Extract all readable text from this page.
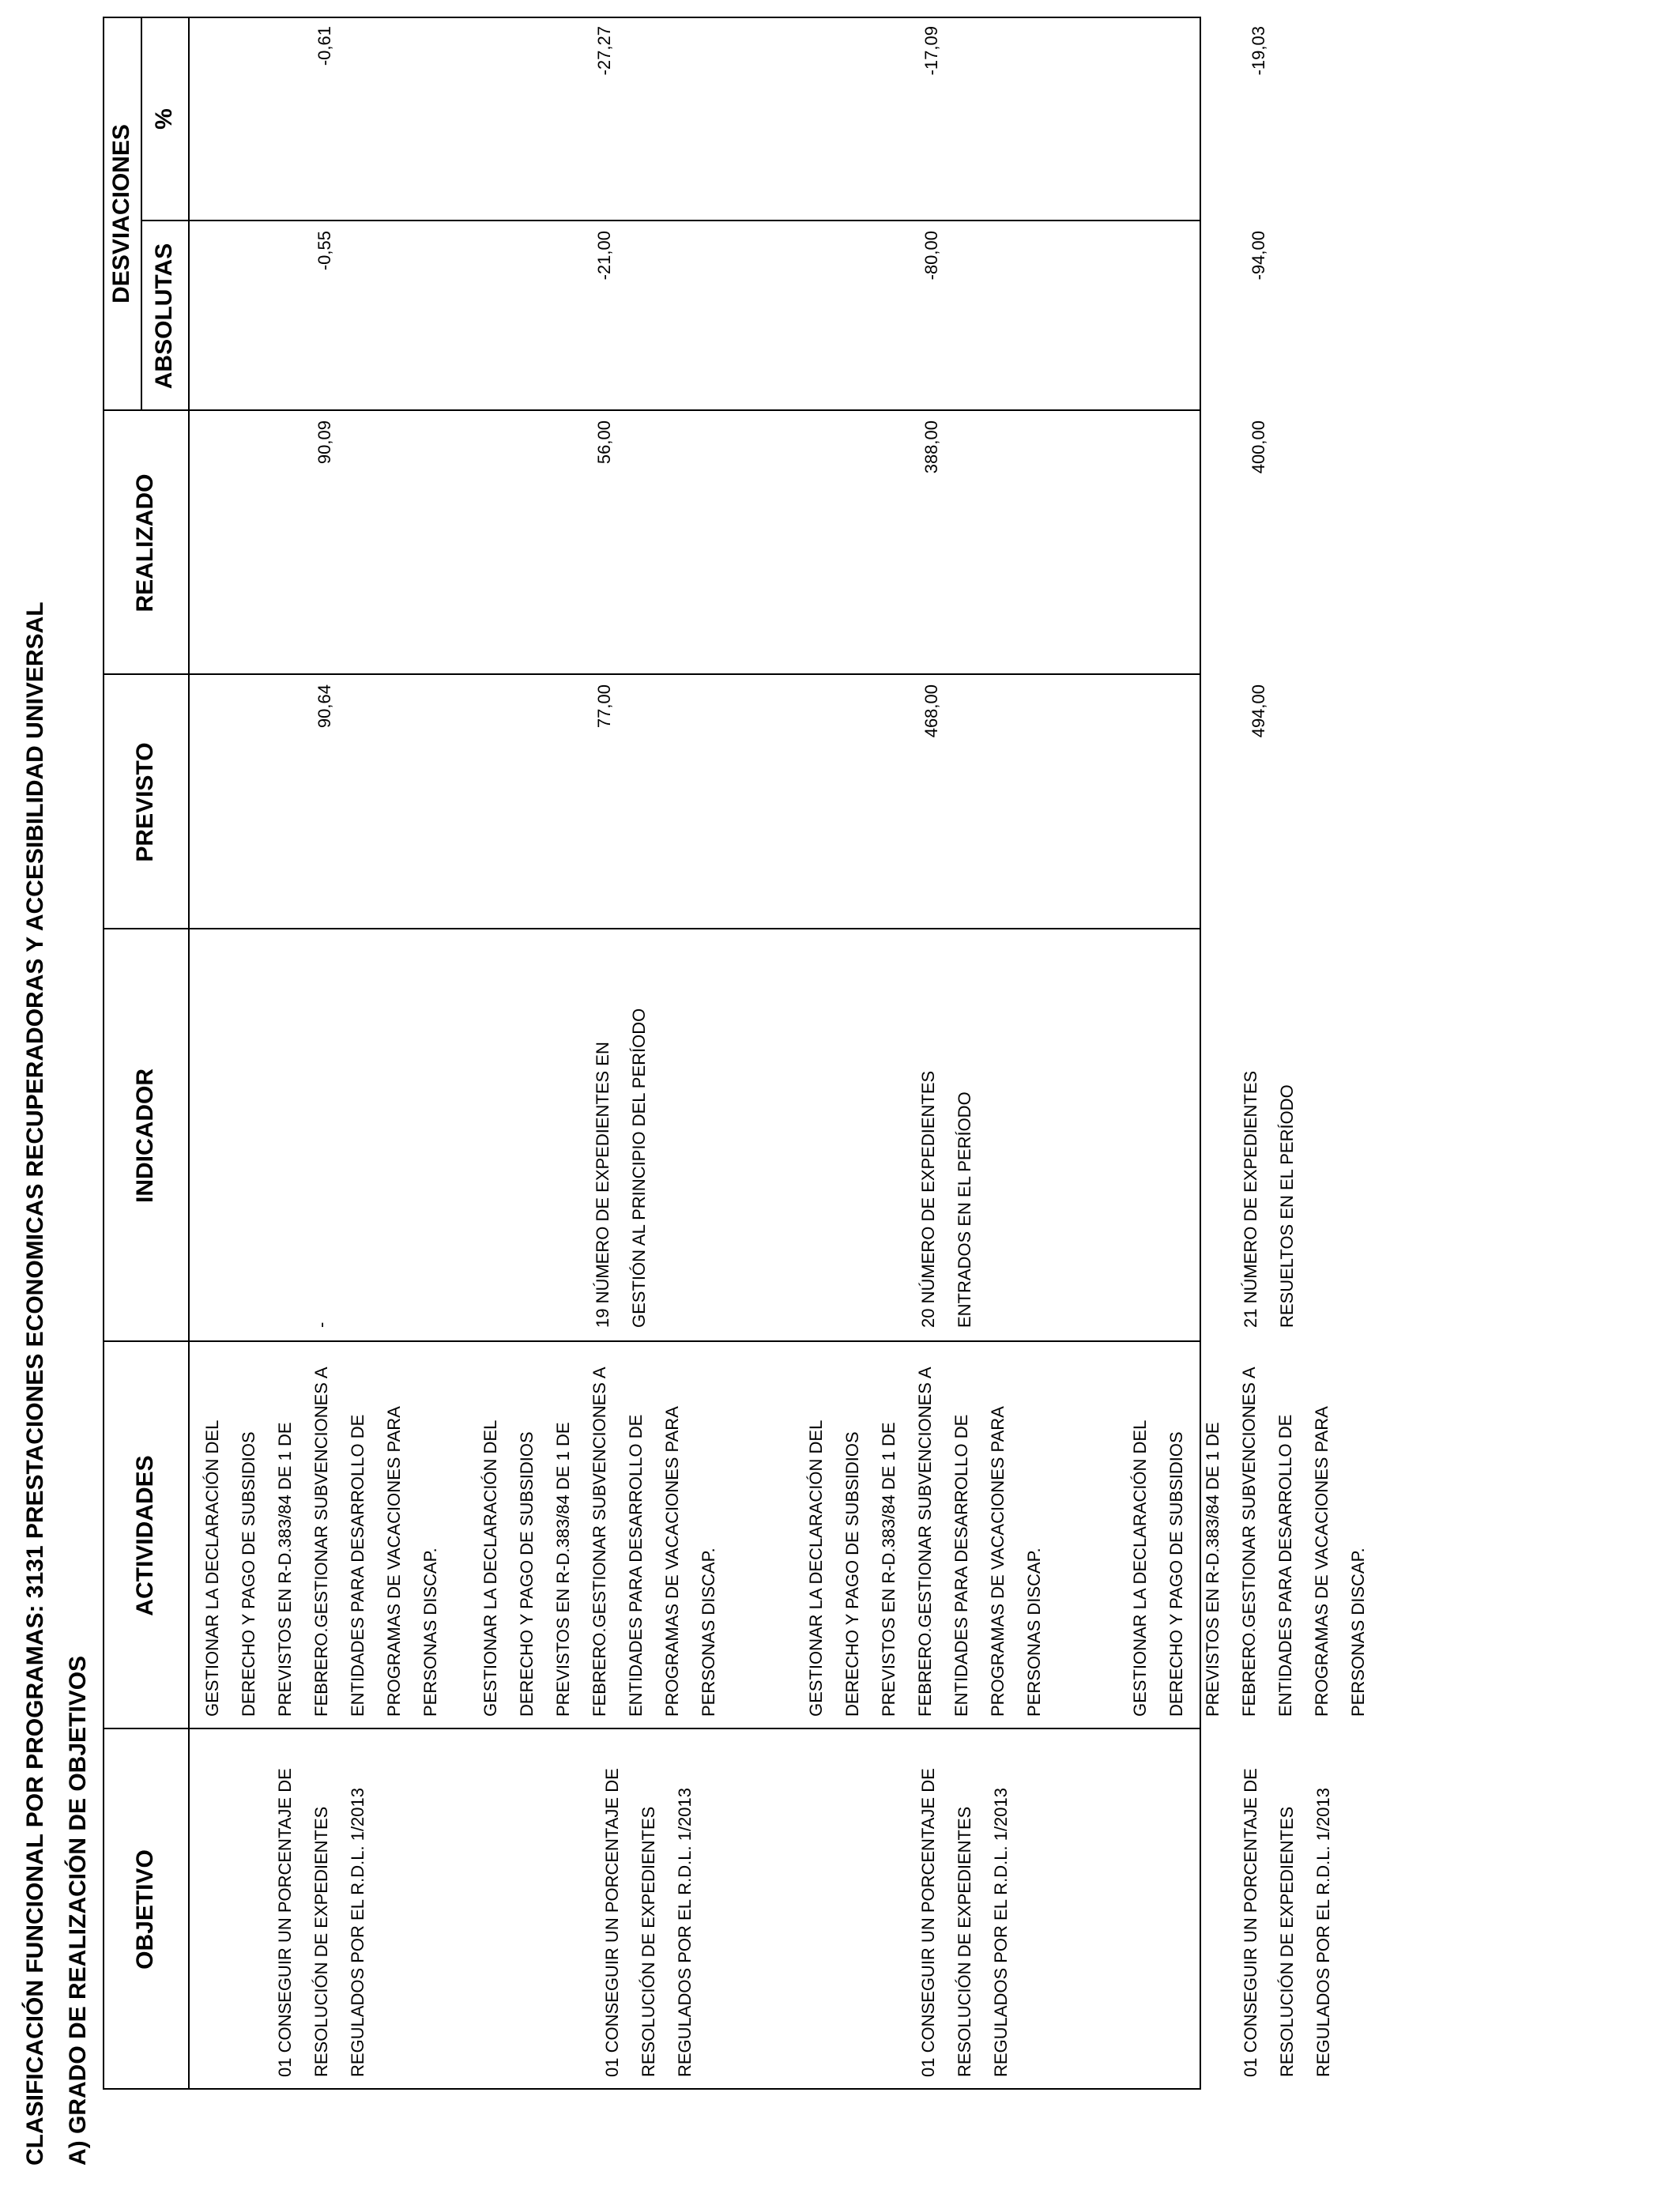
CLASIFICACIÓN FUNCIONAL POR PROGRAMAS: 3131 PRESTACIONES ECONOMICAS RECUPERADORAS Y ACCESIBILIDAD UNIVERSAL A) GRADO DE REALIZACIÓN DE OBJETIVOS	OBJETIVO
ACTIVIDADES
INDICADOR
PREVISTO
REALIZADO
DESVIACIONES
ABSOLUTAS
%
01 CONSEGUIR UN PORCENTAJE DE
RESOLUCIÓN DE EXPEDIENTES
REGULADOS POR EL R.D.L. 1/2013
GESTIONAR LA DECLARACIÓN DEL
DERECHO Y PAGO DE SUBSIDIOS
PREVISTOS EN R-D.383/84 DE 1 DE
FEBRERO.GESTIONAR SUBVENCIONES A
ENTIDADES PARA DESARROLLO DE
PROGRAMAS DE VACACIONES PARA
PERSONAS DISCAP.
-
90,64
90,09
-0,55
-0,61
01 CONSEGUIR UN PORCENTAJE DE
RESOLUCIÓN DE EXPEDIENTES
REGULADOS POR EL R.D.L. 1/2013
GESTIONAR LA DECLARACIÓN DEL
DERECHO Y PAGO DE SUBSIDIOS
PREVISTOS EN R-D.383/84 DE 1 DE
FEBRERO.GESTIONAR SUBVENCIONES A
ENTIDADES PARA DESARROLLO DE
PROGRAMAS DE VACACIONES PARA
PERSONAS DISCAP.
19 NÚMERO DE EXPEDIENTES EN
GESTIÓN AL PRINCIPIO DEL PERÍODO
77,00
56,00
-21,00
-27,27
01 CONSEGUIR UN PORCENTAJE DE
RESOLUCIÓN DE EXPEDIENTES
REGULADOS POR EL R.D.L. 1/2013
GESTIONAR LA DECLARACIÓN DEL
DERECHO Y PAGO DE SUBSIDIOS
PREVISTOS EN R-D.383/84 DE 1 DE
FEBRERO.GESTIONAR SUBVENCIONES A
ENTIDADES PARA DESARROLLO DE
PROGRAMAS DE VACACIONES PARA
PERSONAS DISCAP.
20 NÚMERO DE EXPEDIENTES
ENTRADOS EN EL PERÍODO
468,00
388,00
-80,00
-17,09
01 CONSEGUIR UN PORCENTAJE DE
RESOLUCIÓN DE EXPEDIENTES
REGULADOS POR EL R.D.L. 1/2013
GESTIONAR LA DECLARACIÓN DEL
DERECHO Y PAGO DE SUBSIDIOS
PREVISTOS EN R-D.383/84 DE 1 DE
FEBRERO.GESTIONAR SUBVENCIONES A
ENTIDADES PARA DESARROLLO DE
PROGRAMAS DE VACACIONES PARA
PERSONAS DISCAP.
21 NÚMERO DE EXPEDIENTES
RESUELTOS EN EL PERÍODO
494,00
400,00
-94,00
-19,03
